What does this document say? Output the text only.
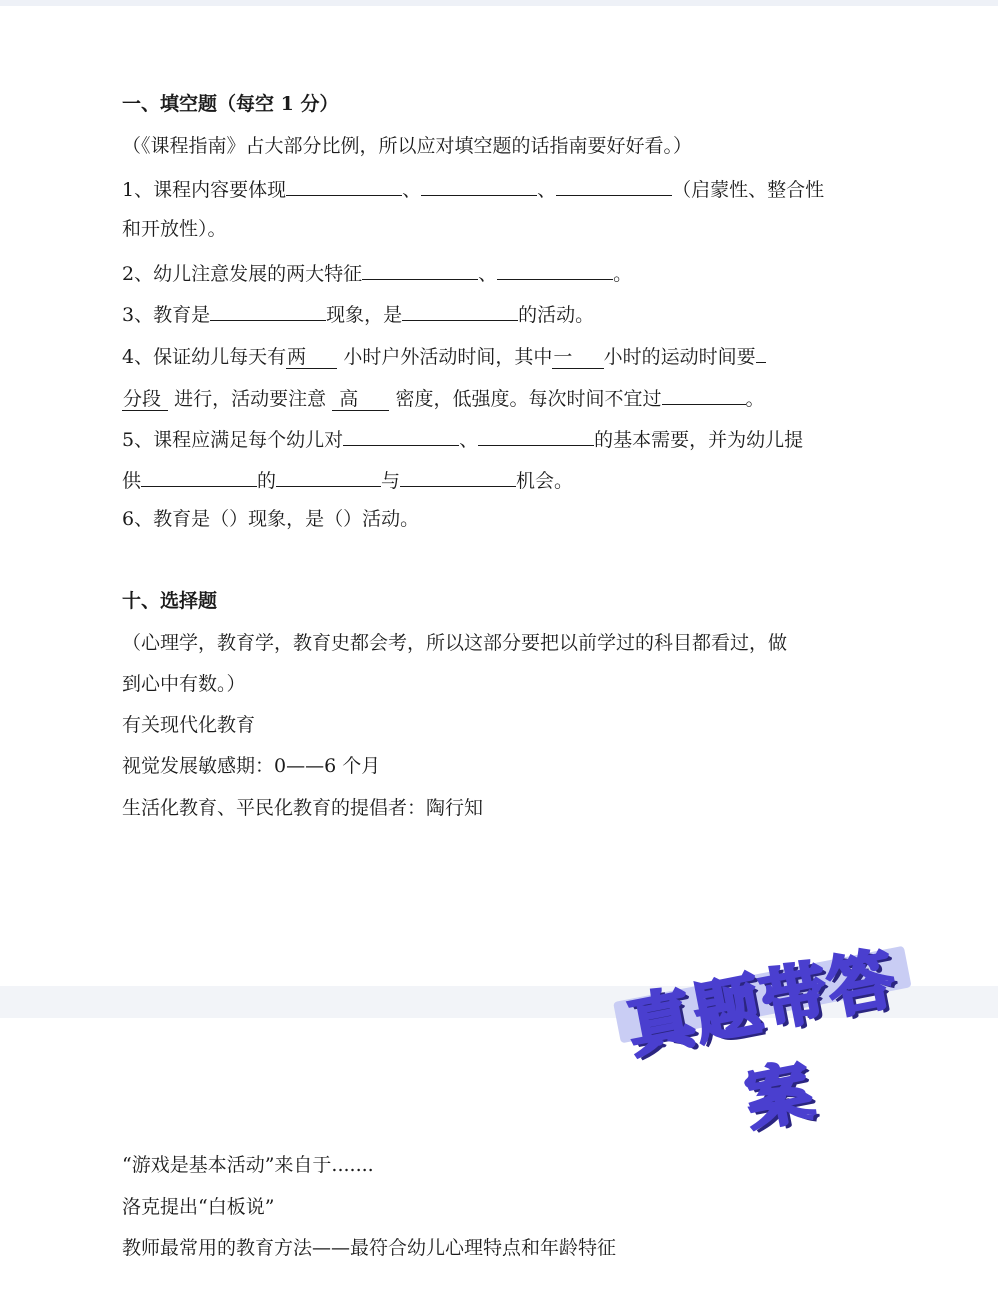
一、填空题（每空 1 分）
（《课程指南》占大部分比例，所以应对填空题的话指南要好好看。）
1、课程内容要体现	、	、	（启蒙性、整合性
和开放性）。
2、幼儿注意发展的两大特征	、	。
3、教育是	现象，是	的活动。
4、保证幼儿每天有两 小时户外活动时间，其中一 小时的运动时间要
分段 进行，活动要注意 高 密度，低强度。每次时间不宜过	。
5、课程应满足每个幼儿对	、	的基本需要，并为幼儿提
供	的	与	机会。
6、教育是（）现象，是（）活动。
十、选择题
（心理学，教育学，教育史都会考，所以这部分要把以前学过的科目都看过，做
到心中有数。）
有关现代化教育
视觉发展敏感期：0——6 个月
生活化教育、平民化教育的提倡者：陶行知
“游戏是基本活动”来自于.......
洛克提出“白板说”
教师最常用的教育方法——最符合幼儿心理特点和年龄特征
真题带答案
